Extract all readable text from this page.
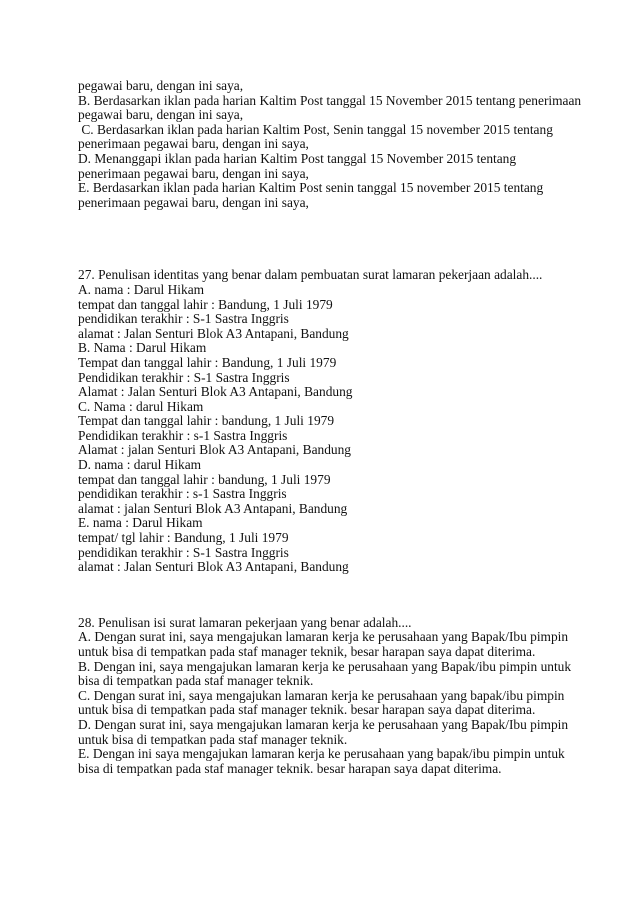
pegawai baru, dengan ini saya,
B. Berdasarkan iklan pada harian Kaltim Post tanggal 15 November 2015 tentang penerimaan
pegawai baru, dengan ini saya,
C. Berdasarkan iklan pada harian Kaltim Post, Senin tanggal 15 november 2015 tentang
penerimaan pegawai baru, dengan ini saya,
D. Menanggapi iklan pada harian Kaltim Post tanggal 15 November 2015 tentang
penerimaan pegawai baru, dengan ini saya,
E. Berdasarkan iklan pada harian Kaltim Post senin tanggal 15 november 2015 tentang
penerimaan pegawai baru, dengan ini saya,
27. Penulisan identitas yang benar dalam pembuatan surat lamaran pekerjaan adalah....
A. nama : Darul Hikam
tempat dan tanggal lahir : Bandung, 1 Juli 1979
pendidikan terakhir : S-1 Sastra Inggris
alamat : Jalan Senturi Blok A3 Antapani, Bandung
B. Nama : Darul Hikam
Tempat dan tanggal lahir : Bandung, 1 Juli 1979
Pendidikan terakhir : S-1 Sastra Inggris
Alamat : Jalan Senturi Blok A3 Antapani, Bandung
C. Nama : darul Hikam
Tempat dan tanggal lahir : bandung, 1 Juli 1979
Pendidikan terakhir : s-1 Sastra Inggris
Alamat : jalan Senturi Blok A3 Antapani, Bandung
D. nama : darul Hikam
tempat dan tanggal lahir : bandung, 1 Juli 1979
pendidikan terakhir : s-1 Sastra Inggris
alamat : jalan Senturi Blok A3 Antapani, Bandung
E. nama : Darul Hikam
tempat/ tgl lahir : Bandung, 1 Juli 1979
pendidikan terakhir : S-1 Sastra Inggris
alamat : Jalan Senturi Blok A3 Antapani, Bandung
28. Penulisan isi surat lamaran pekerjaan yang benar adalah....
A. Dengan surat ini, saya mengajukan lamaran kerja ke perusahaan yang Bapak/Ibu pimpin
untuk bisa di tempatkan pada staf manager teknik, besar harapan saya dapat diterima.
B. Dengan ini, saya mengajukan lamaran kerja ke perusahaan yang Bapak/ibu pimpin untuk
bisa di tempatkan pada staf manager teknik.
C. Dengan surat ini, saya mengajukan lamaran kerja ke perusahaan yang bapak/ibu pimpin
untuk bisa di tempatkan pada staf manager teknik. besar harapan saya dapat diterima.
D. Dengan surat ini, saya mengajukan lamaran kerja ke perusahaan yang Bapak/Ibu pimpin
untuk bisa di tempatkan pada staf manager teknik.
E. Dengan ini saya mengajukan lamaran kerja ke perusahaan yang bapak/ibu pimpin untuk
bisa di tempatkan pada staf manager teknik. besar harapan saya dapat diterima.
